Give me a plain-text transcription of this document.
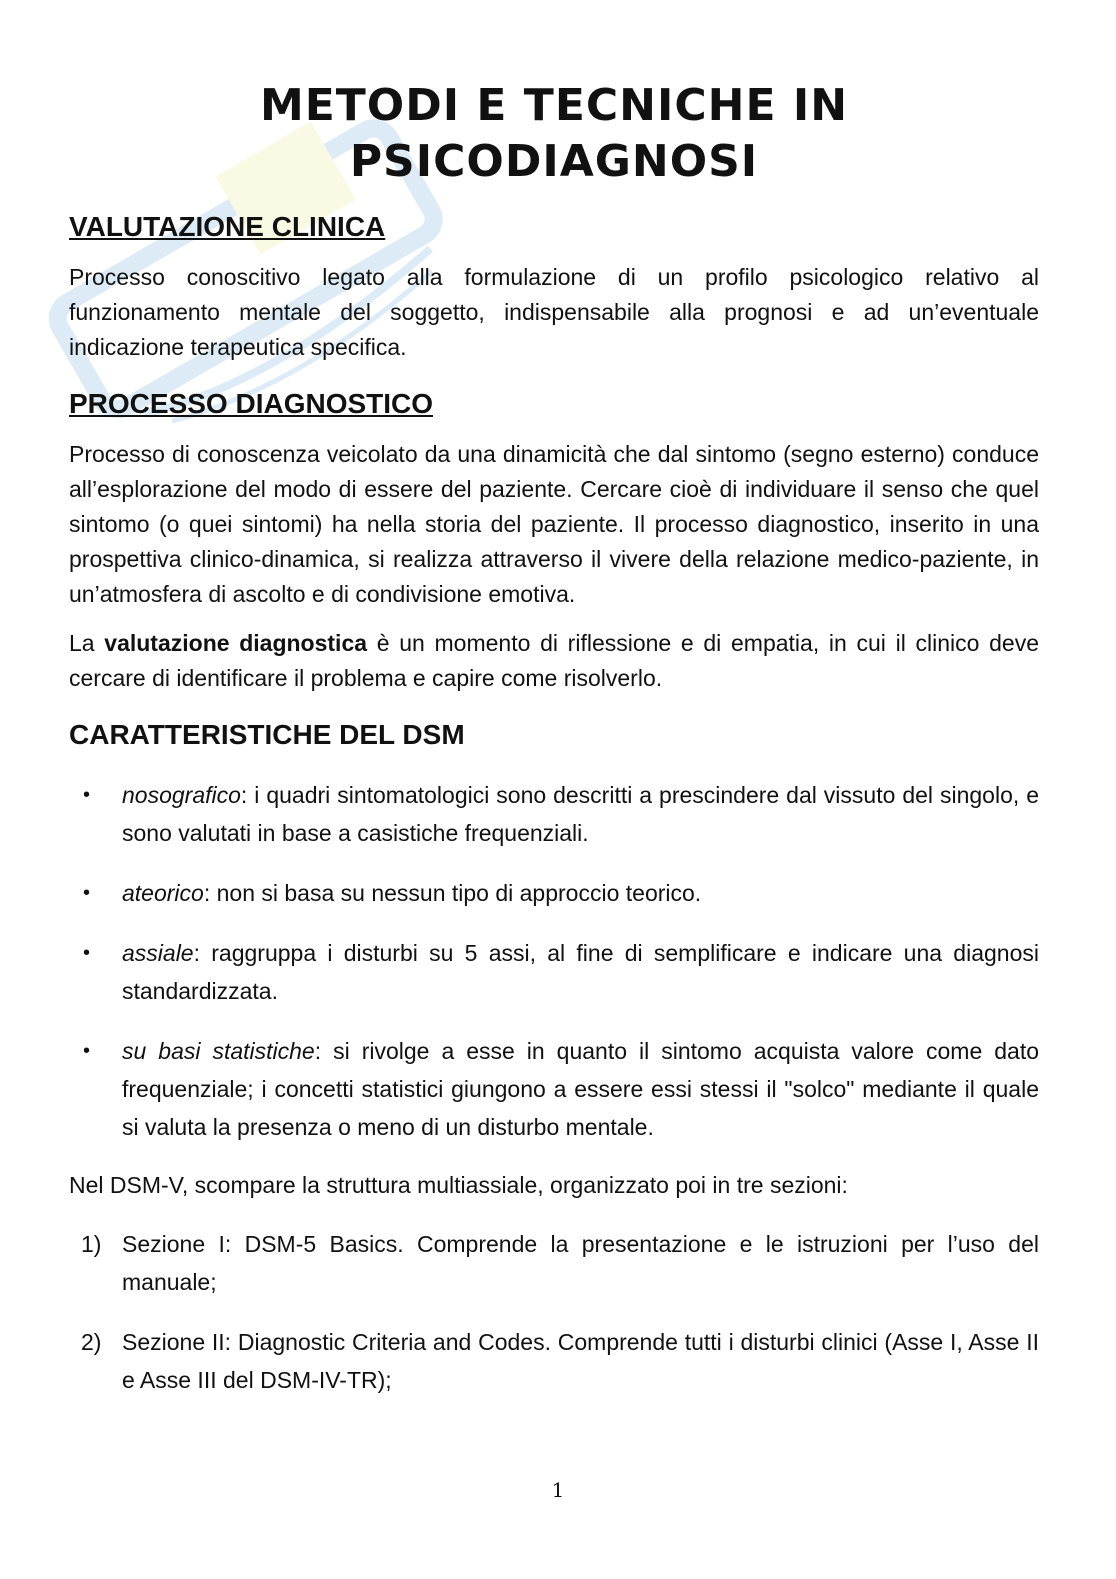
METODI E TECNICHE IN
PSICODIAGNOSI
VALUTAZIONE CLINICA

Processo conoscitivo legato alla formulazione di un profilo psicologico relativo al funzionamento mentale del soggetto, indispensabile alla prognosi e ad un’eventuale indicazione terapeutica specifica.

PROCESSO DIAGNOSTICO

Processo di conoscenza veicolato da una dinamicità che dal sintomo (segno esterno) conduce all’esplorazione del modo di essere del paziente. Cercare cioè di individuare il senso che quel sintomo (o quei sintomi) ha nella storia del paziente. Il processo diagnostico, inserito in una prospettiva clinico-dinamica, si realizza attraverso il vivere della relazione medico-paziente, in un’atmosfera di ascolto e di condivisione emotiva.

La valutazione diagnostica è un momento di riflessione e di empatia, in cui il clinico deve cercare di identificare il problema e capire come risolverlo.

CARATTERISTICHE DEL DSM
• nosografico: i quadri sintomatologici sono descritti a prescindere dal vissuto del singolo, e sono valutati in base a casistiche frequenziali.
• ateorico: non si basa su nessun tipo di approccio teorico.
• assiale: raggruppa i disturbi su 5 assi, al fine di semplificare e indicare una diagnosi standardizzata.
• su basi statistiche: si rivolge a esse in quanto il sintomo acquista valore come dato frequenziale; i concetti statistici giungono a essere essi stessi il "solco" mediante il quale si valuta la presenza o meno di un disturbo mentale.

Nel DSM-V, scompare la struttura multiassiale, organizzato poi in tre sezioni:

1) Sezione I: DSM-5 Basics. Comprende la presentazione e le istruzioni per l’uso del manuale;
2) Sezione II: Diagnostic Criteria and Codes. Comprende tutti i disturbi clinici (Asse I, Asse II e Asse III del DSM-IV-TR);
1
